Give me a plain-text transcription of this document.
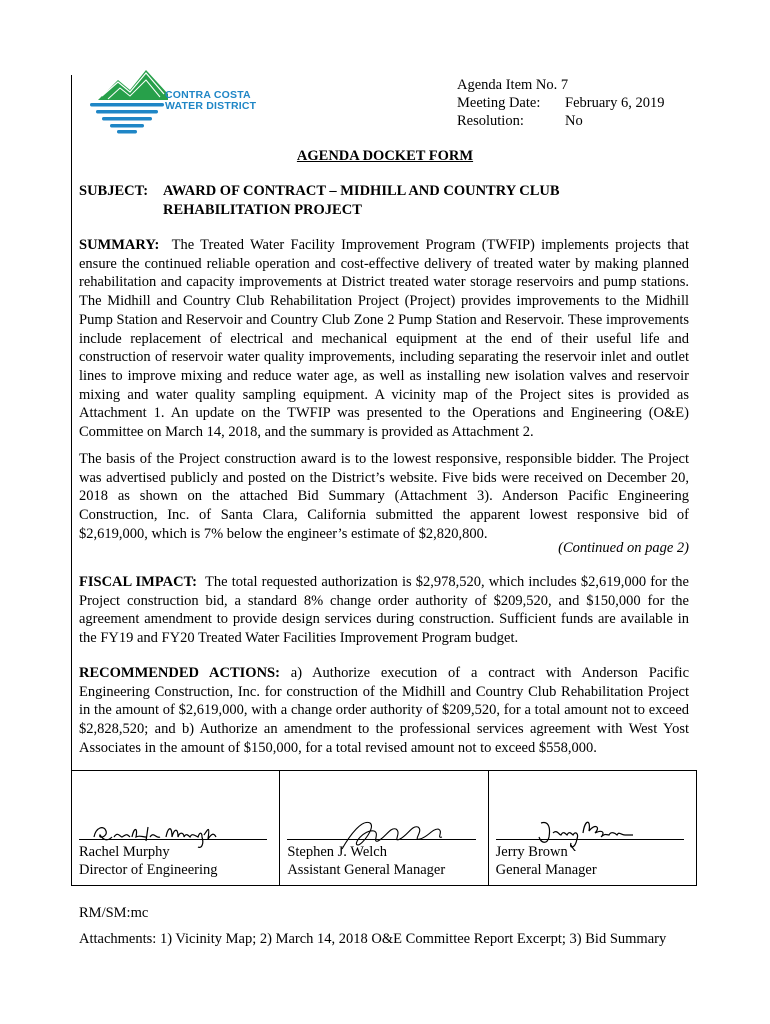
CONTRA COSTA
WATER DISTRICT
Agenda Item No.
7
Meeting Date:	February 6, 2019
Resolution:	No
AGENDA DOCKET FORM
SUBJECT: AWARD OF CONTRACT – MIDHILL AND COUNTRY CLUB
REHABILITATION PROJECT
SUMMARY: The Treated Water Facility Improvement Program (TWFIP) implements projects that ensure the continued reliable operation and cost-effective delivery of treated water by making planned rehabilitation and capacity improvements at District treated water storage reservoirs and pump stations. The Midhill and Country Club Rehabilitation Project (Project) provides improvements to the Midhill Pump Station and Reservoir and Country Club Zone 2 Pump Station and Reservoir. These improvements include replacement of electrical and mechanical equipment at the end of their useful life and construction of reservoir water quality improvements, including separating the reservoir inlet and outlet lines to improve mixing and reduce water age, as well as installing new isolation valves and reservoir mixing and water quality sampling equipment. A vicinity map of the Project sites is provided as Attachment 1. An update on the TWFIP was presented to the Operations and Engineering (O&E) Committee on March 14, 2018, and the summary is provided as Attachment 2.
The basis of the Project construction award is to the lowest responsive, responsible bidder. The Project was advertised publicly and posted on the District’s website. Five bids were received on December 20, 2018 as shown on the attached Bid Summary (Attachment 3). Anderson Pacific Engineering Construction, Inc. of Santa Clara, California submitted the apparent lowest responsive bid of $2,619,000, which is 7% below the engineer’s estimate of $2,820,800.
(Continued on page 2)
FISCAL IMPACT: The total requested authorization is $2,978,520, which includes $2,619,000 for the Project construction bid, a standard 8% change order authority of $209,520, and $150,000 for the agreement amendment to provide design services during construction. Sufficient funds are available in the FY19 and FY20 Treated Water Facilities Improvement Program budget.
RECOMMENDED ACTIONS: a) Authorize execution of a contract with Anderson Pacific Engineering Construction, Inc. for construction of the Midhill and Country Club Rehabilitation Project in the amount of $2,619,000, with a change order authority of $209,520, for a total amount not to exceed $2,828,520; and b) Authorize an amendment to the professional services agreement with West Yost Associates in the amount of $150,000, for a total revised amount not to exceed $558,000.
Rachel Murphy
Director of Engineering
Stephen J. Welch
Assistant General Manager
Jerry Brown
General Manager
RM/SM:mc
Attachments: 1) Vicinity Map; 2) March 14, 2018 O&E Committee Report Excerpt; 3) Bid Summary
